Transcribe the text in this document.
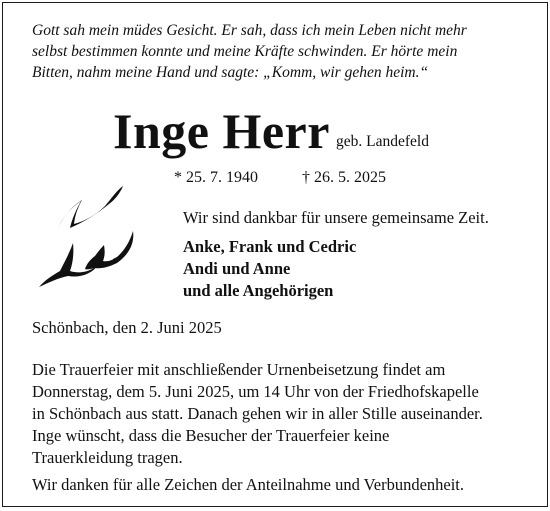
Gott sah mein müdes Gesicht. Er sah, dass ich mein Leben nicht mehr
selbst bestimmen konnte und meine Kräfte schwinden. Er hörte mein
Bitten, nahm meine Hand und sagte: „Komm, wir gehen heim.“
Inge Herr geb. Landefeld
* 25. 7. 1940	† 26. 5. 2025
Wir sind dankbar für unsere gemeinsame Zeit.
Anke, Frank und Cedric
Andi und Anne
und alle Angehörigen
Schönbach, den 2. Juni 2025
Die Trauerfeier mit anschließender Urnenbeisetzung findet am
Donnerstag, dem 5. Juni 2025, um 14 Uhr von der Friedhofskapelle
in Schönbach aus statt. Danach gehen wir in aller Stille auseinander.
Inge wünscht, dass die Besucher der Trauerfeier keine
Trauerkleidung tragen.
Wir danken für alle Zeichen der Anteilnahme und Verbundenheit.
